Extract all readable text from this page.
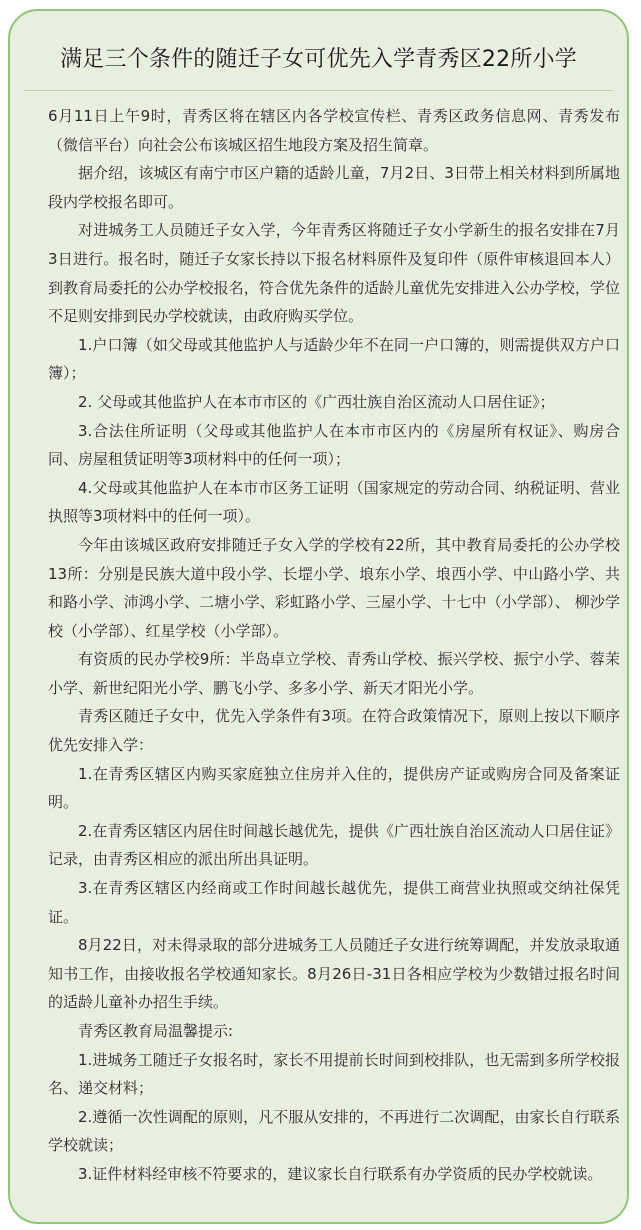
满足三个条件的随迁子女可优先入学青秀区22所小学

6月11日上午9时，青秀区将在辖区内各学校宣传栏、青秀区政务信息网、青秀发布（微信平台）向社会公布该城区招生地段方案及招生简章。

据介绍，该城区有南宁市区户籍的适龄儿童，7月2日、3日带上相关材料到所属地段内学校报名即可。

对进城务工人员随迁子女入学，今年青秀区将随迁子女小学新生的报名安排在7月3日进行。报名时，随迁子女家长持以下报名材料原件及复印件（原件审核退回本人）到教育局委托的公办学校报名，符合优先条件的适龄儿童优先安排进入公办学校，学位不足则安排到民办学校就读，由政府购买学位。

1.户口簿（如父母或其他监护人与适龄少年不在同一户口簿的，则需提供双方户口簿）；

2. 父母或其他监护人在本市市区的《广西壮族自治区流动人口居住证》；

3.合法住所证明（父母或其他监护人在本市市区内的《房屋所有权证》、购房合同、房屋租赁证明等3项材料中的任何一项）；

4.父母或其他监护人在本市市区务工证明（国家规定的劳动合同、纳税证明、营业执照等3项材料中的任何一项）。

今年由该城区政府安排随迁子女入学的学校有22所，其中教育局委托的公办学校13所：分别是民族大道中段小学、长堽小学、埌东小学、埌西小学、中山路小学、共和路小学、沛鸿小学、二塘小学、彩虹路小学、三屋小学、十七中（小学部）、 柳沙学校（小学部）、红星学校（小学部）。

有资质的民办学校9所：半岛卓立学校、青秀山学校、振兴学校、振宁小学、蓉茉小学、新世纪阳光小学、鹏飞小学、多多小学、新天才阳光小学。

青秀区随迁子女中，优先入学条件有3项。在符合政策情况下，原则上按以下顺序优先安排入学：

1.在青秀区辖区内购买家庭独立住房并入住的，提供房产证或购房合同及备案证明。

2.在青秀区辖区内居住时间越长越优先，提供《广西壮族自治区流动人口居住证》记录，由青秀区相应的派出所出具证明。

3.在青秀区辖区内经商或工作时间越长越优先，提供工商营业执照或交纳社保凭证。

8月22日，对未得录取的部分进城务工人员随迁子女进行统筹调配，并发放录取通知书工作，由接收报名学校通知家长。8月26日-31日各相应学校为少数错过报名时间的适龄儿童补办招生手续。

青秀区教育局温馨提示:

1.进城务工随迁子女报名时，家长不用提前长时间到校排队，也无需到多所学校报名、递交材料；

2.遵循一次性调配的原则，凡不服从安排的，不再进行二次调配，由家长自行联系学校就读；

3.证件材料经审核不符要求的，建议家长自行联系有办学资质的民办学校就读。
